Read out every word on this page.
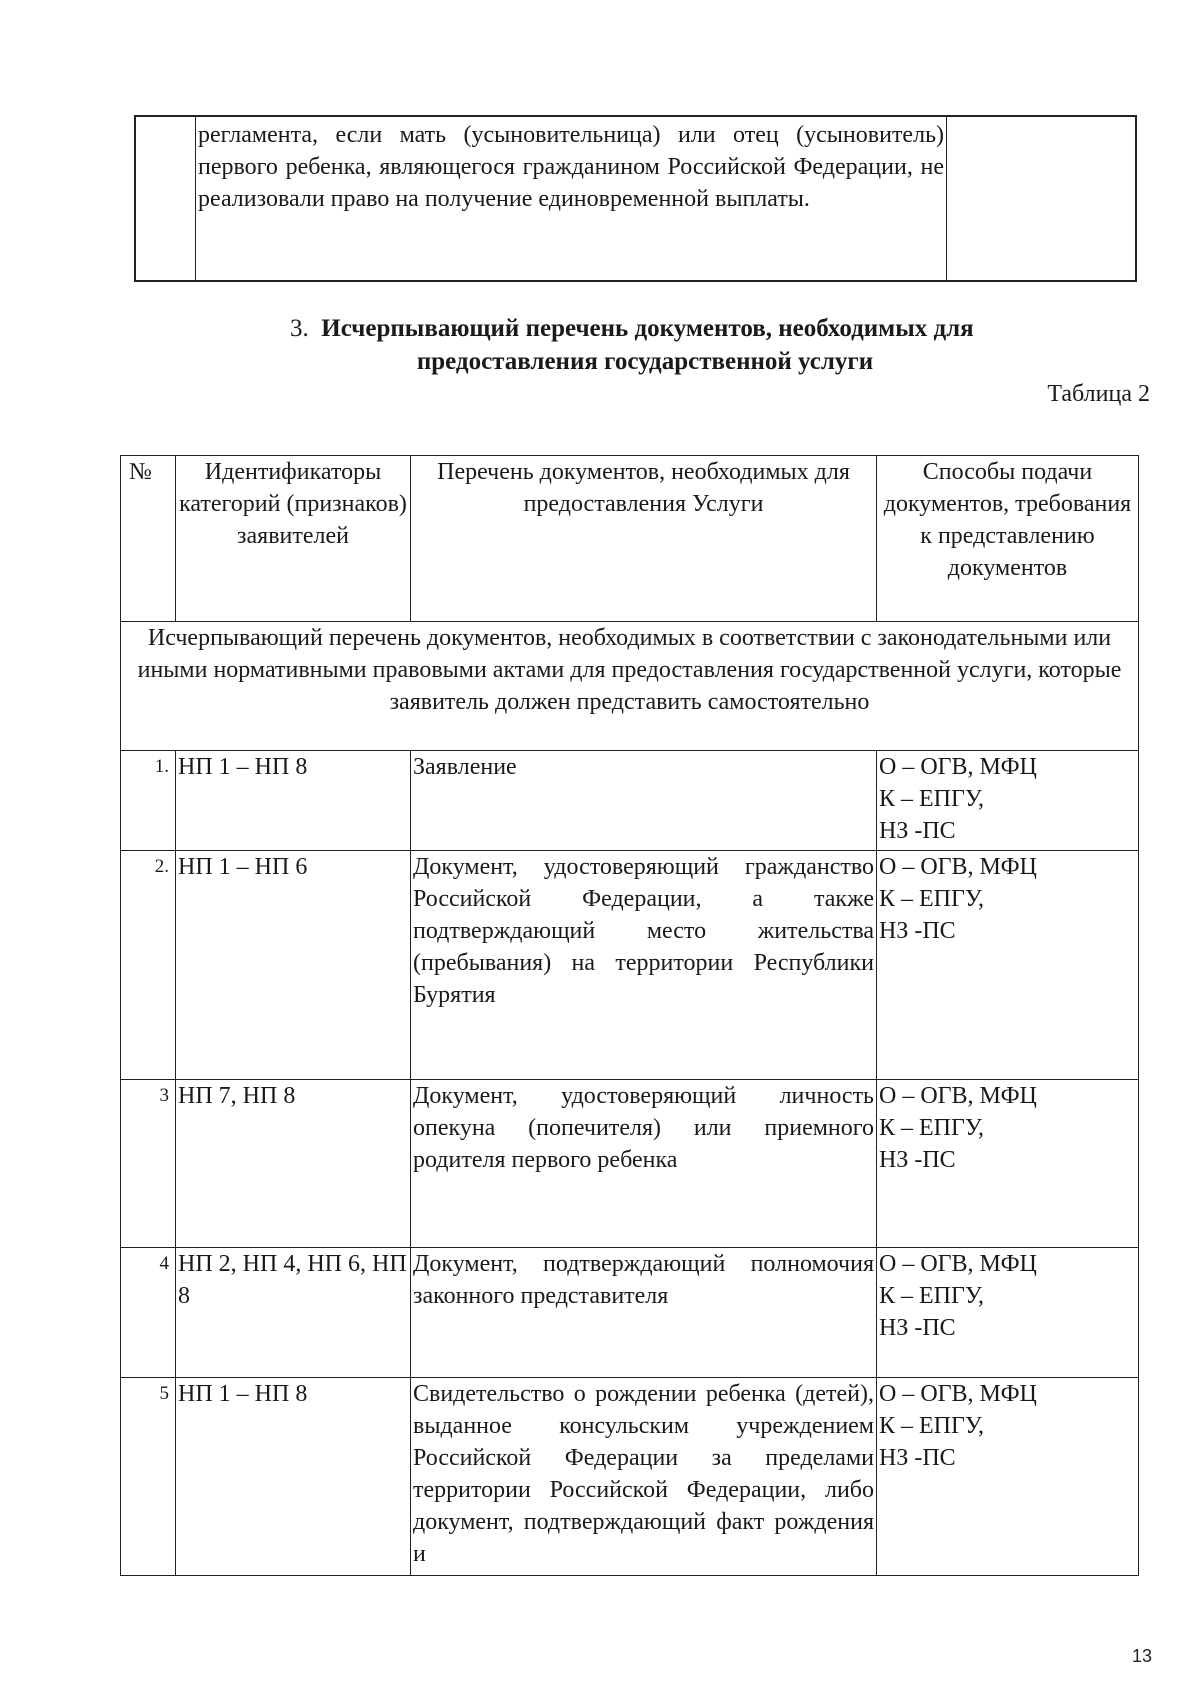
регламента, если мать (усыновительница) или отец (усыновитель) первого ребенка, являющегося гражданином Российской Федерации, не реализовали право на получение единовременной выплаты.
3. Исчерпывающий перечень документов, необходимых для
предоставления государственной услуги
Таблица 2
№	Идентификаторы категорий (признаков) заявителей	Перечень документов, необходимых для предоставления Услуги	Способы подачи документов, требования к представлению документов
Исчерпывающий перечень документов, необходимых в соответствии с законодательными или иными нормативными правовыми актами для предоставления государственной услуги, которые заявитель должен представить самостоятельно			
1.	НП 1 – НП 8	Заявление	О – ОГВ, МФЦ
К – ЕПГУ,
НЗ -ПС

2.	НП 1 – НП 6	Документ, удостоверяющий гражданство Российской Федерации, а также подтверждающий место жительства (пребывания) на территории Республики Бурятия	О – ОГВ, МФЦ
К – ЕПГУ,
НЗ -ПС

3	НП 7, НП 8	Документ, удостоверяющий личность опекуна (попечителя) или приемного родителя первого ребенка	О – ОГВ, МФЦ
К – ЕПГУ,
НЗ -ПС

4	НП 2, НП 4, НП 6, НП 8	Документ, подтверждающий полномочия законного представителя	О – ОГВ, МФЦ
К – ЕПГУ,
НЗ -ПС

5	НП 1 – НП 8	Свидетельство о рождении ребенка (детей), выданное консульским учреждением Российской Федерации за пределами территории Российской Федерации, либо документ, подтверждающий факт рождения и	О – ОГВ, МФЦ
К – ЕПГУ,
НЗ -ПС
13
